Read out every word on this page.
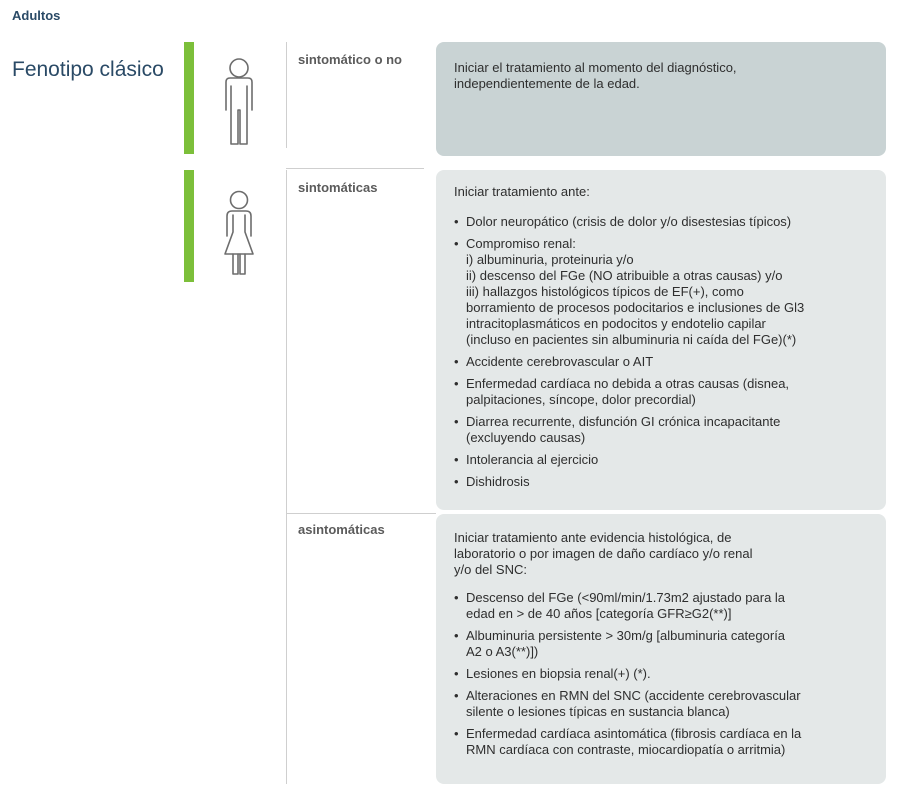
Adultos
Fenotipo clásico	sintomático o no

Iniciar el tratamiento al momento del diagnóstico,
independientemente de la edad.

sintomáticas	Iniciar tratamiento ante:

• Dolor neuropático (crisis de dolor y/o disestesias típicos)
• Compromiso renal:
i) albuminuria, proteinuria y/o
ii) descenso del FGe (NO atribuible a otras causas) y/o
iii) hallazgos histológicos típicos de EF(+), como
borramiento de procesos podocitarios e inclusiones de Gl3
intracitoplasmáticos en podocitos y endotelio capilar
(incluso en pacientes sin albuminuria ni caída del FGe)(*)
• Accidente cerebrovascular o AIT
• Enfermedad cardíaca no debida a otras causas (disnea,
palpitaciones, síncope, dolor precordial)
• Diarrea recurrente, disfunción GI crónica incapacitante
(excluyendo causas)
• Intolerancia al ejercicio
• Dishidrosis
asintomáticas

Iniciar tratamiento ante evidencia histológica, de
laboratorio o por imagen de daño cardíaco y/o renal
y/o del SNC:

• Descenso del FGe (<90ml/min/1.73m2 ajustado para la
edad en > de 40 años [categoría GFR≥G2(**)]
• Albuminuria persistente > 30m/g [albuminuria categoría
A2 o A3(**)])
• Lesiones en biopsia renal(+) (*).
• Alteraciones en RMN del SNC (accidente cerebrovascular
silente o lesiones típicas en sustancia blanca)
• Enfermedad cardíaca asintomática (fibrosis cardíaca en la
RMN cardíaca con contraste, miocardiopatía o arritmia)
